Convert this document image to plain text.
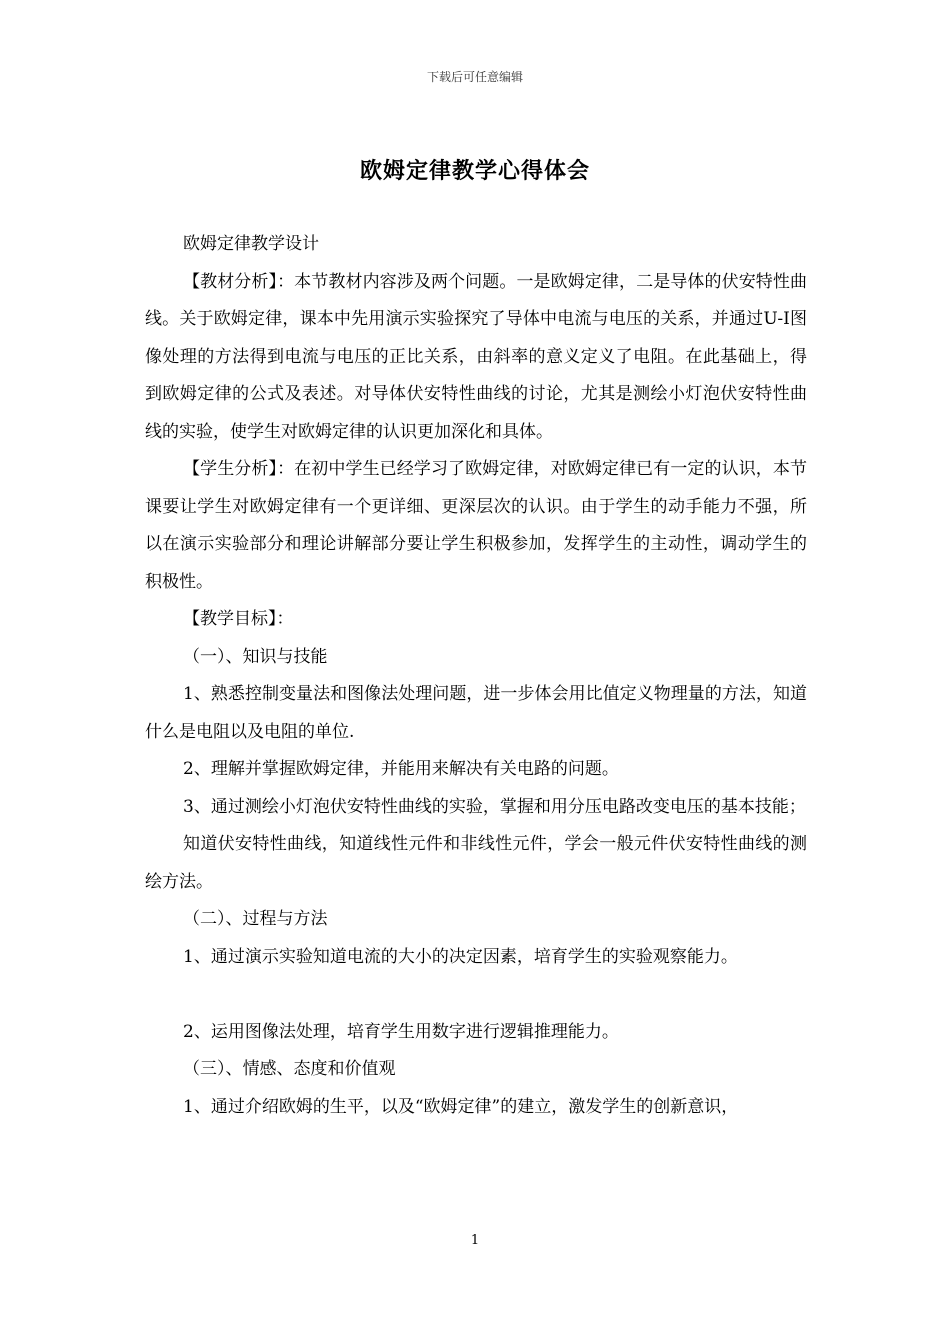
下载后可任意编辑
欧姆定律教学心得体会

欧姆定律教学设计

【教材分析】：本节教材内容涉及两个问题。一是欧姆定律，二是导体的伏安特性曲线。关于欧姆定律，课本中先用演示实验探究了导体中电流与电压的关系，并通过U-I图像处理的方法得到电流与电压的正比关系，由斜率的意义定义了电阻。在此基础上，得到欧姆定律的公式及表述。对导体伏安特性曲线的讨论，尤其是测绘小灯泡伏安特性曲线的实验，使学生对欧姆定律的认识更加深化和具体。

【学生分析】：在初中学生已经学习了欧姆定律，对欧姆定律已有一定的认识，本节课要让学生对欧姆定律有一个更详细、更深层次的认识。由于学生的动手能力不强，所以在演示实验部分和理论讲解部分要让学生积极参加，发挥学生的主动性，调动学生的积极性。

【教学目标】：

（一）、知识与技能

1、熟悉控制变量法和图像法处理问题，进一步体会用比值定义物理量的方法，知道什么是电阻以及电阻的单位.

2、理解并掌握欧姆定律，并能用来解决有关电路的问题。

3、通过测绘小灯泡伏安特性曲线的实验，掌握和用分压电路改变电压的基本技能；

知道伏安特性曲线，知道线性元件和非线性元件，学会一般元件伏安特性曲线的测绘方法。

（二）、过程与方法

1、通过演示实验知道电流的大小的决定因素，培育学生的实验观察能力。

2、运用图像法处理，培育学生用数字进行逻辑推理能力。

（三）、情感、态度和价值观

1、通过介绍欧姆的生平，以及“欧姆定律”的建立，激发学生的创新意识，

1
